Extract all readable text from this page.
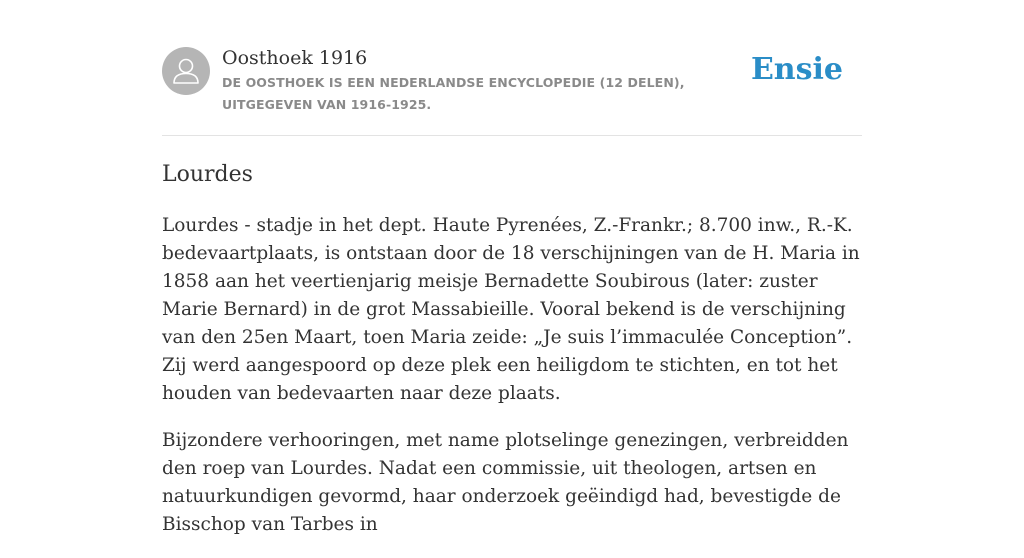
Oosthoek 1916
DE OOSTHOEK IS EEN NEDERLANDSE ENCYCLOPEDIE (12 DELEN), UITGEGEVEN VAN 1916-1925.
Ensie
Lourdes

Lourdes - stadje in het dept. Haute Pyrenées, Z.-Frankr.; 8.700 inw., R.-K. bedevaartplaats, is ontstaan door de 18 verschijningen van de H. Maria in 1858 aan het veertienjarig meisje Bernadette Soubirous (later: zuster Marie Bernard) in de grot Massabieille. Vooral bekend is de verschijning van den 25en Maart, toen Maria zeide: „Je suis l’immaculée Conception”. Zij werd aangespoord op deze plek een heiligdom te stichten, en tot het houden van bedevaarten naar deze plaats.

Bijzondere verhooringen, met name plotselinge genezingen, verbreidden den roep van Lourdes. Nadat een commissie, uit theologen, artsen en natuurkundigen gevormd, haar onderzoek geëindigd had, bevestigde de Bisschop van Tarbes in
